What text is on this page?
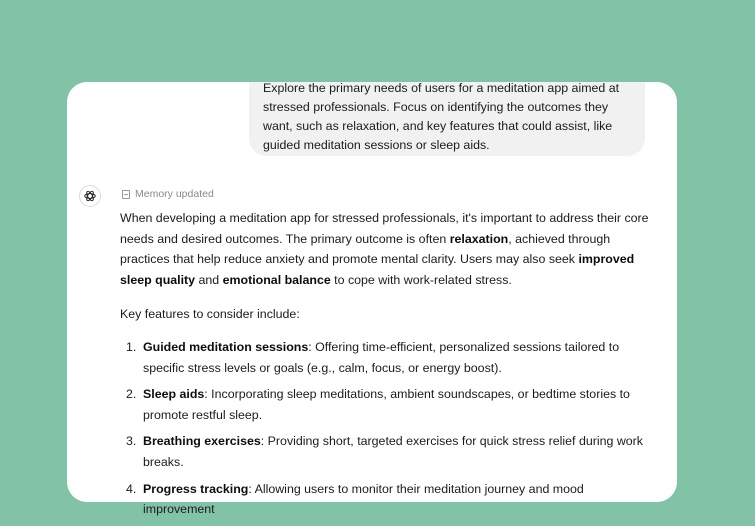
Explore the primary needs of users for a meditation app aimed at stressed professionals. Focus on identifying the outcomes they want, such as relaxation, and key features that could assist, like guided meditation sessions or sleep aids.
Memory updated

When developing a meditation app for stressed professionals, it's important to address their core needs and desired outcomes. The primary outcome is often relaxation, achieved through practices that help reduce anxiety and promote mental clarity. Users may also seek improved sleep quality and emotional balance to cope with work-related stress.

Key features to consider include:

1. Guided meditation sessions: Offering time-efficient, personalized sessions tailored to specific stress levels or goals (e.g., calm, focus, or energy boost).
2. Sleep aids: Incorporating sleep meditations, ambient soundscapes, or bedtime stories to promote restful sleep.
3. Breathing exercises: Providing short, targeted exercises for quick stress relief during work breaks.
4. Progress tracking: Allowing users to monitor their meditation journey and mood improvement
